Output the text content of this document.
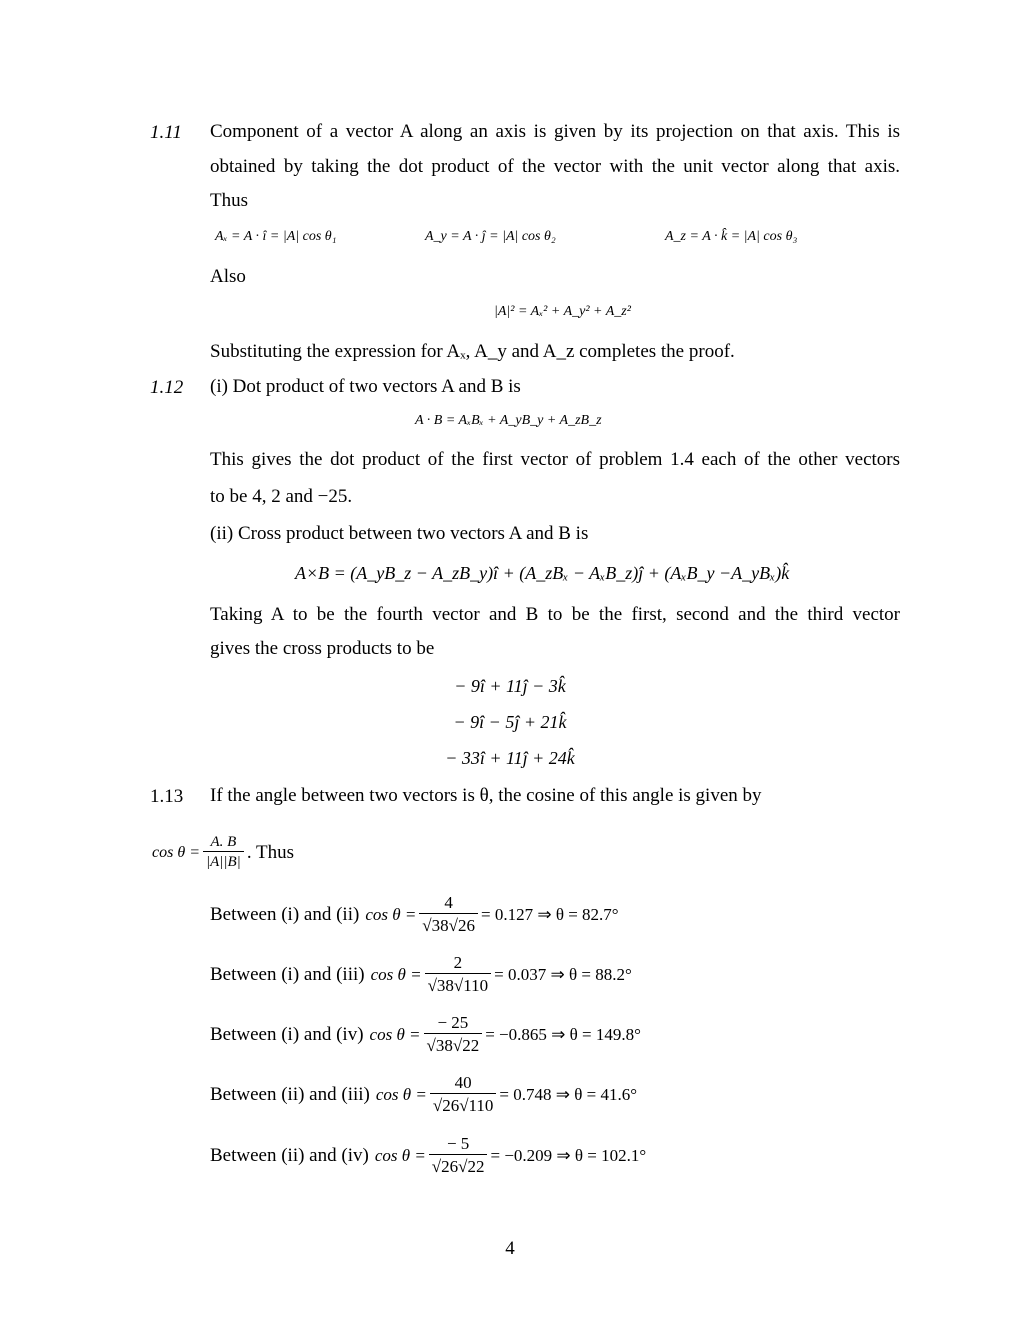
1.11 Component of a vector A along an axis is given by its projection on that axis. This is
obtained by taking the dot product of the vector with the unit vector along that axis.
Thus
Aₓ = A · î = |A| cos θ₁	A_y = A · ĵ = |A| cos θ₂	A_z = A · k̂ = |A| cos θ₃
Also
|A|² = Aₓ² + A_y² + A_z²
Substituting the expression for Aₓ, A_y and A_z completes the proof.
1.12 (i) Dot product of two vectors A and B is
A · B = AₓBₓ + A_yB_y + A_zB_z
This gives the dot product of the first vector of problem 1.4 each of the other vectors
to be 4, 2 and −25.
(ii) Cross product between two vectors A and B is
A×B = (A_yB_z − A_zB_y)î + (A_zBₓ − AₓB_z)ĵ + (AₓB_y −A_yBₓ)k̂
Taking A to be the fourth vector and B to be the first, second and the third vector
gives the cross products to be
− 9î + 11ĵ − 3k̂
− 9î − 5ĵ + 21k̂
− 33î + 11ĵ + 24k̂
1.13 If the angle between two vectors is θ, the cosine of this angle is given by
$\cos \theta = \frac{A. B}{|A||B|}$ . Thus
Between (i) and (ii) $\cos \theta = \frac{4}{√38√26} = 0.127$ ⇒ θ = 82.7°
Between (i) and (iii) $\cos \theta = \frac{2}{√38√110} = 0.037$ ⇒ θ = 88.2°
Between (i) and (iv) $\cos \theta = \frac{- 25}{√38√22} = -0.865$ ⇒ θ = 149.8°
Between (ii) and (iii) $\cos \theta = \frac{40}{√26√110} = 0.748$ ⇒ θ = 41.6°
Between (ii) and (iv) $\cos \theta = \frac{- 5}{√26√22} = -0.209$ ⇒ θ = 102.1°
4
